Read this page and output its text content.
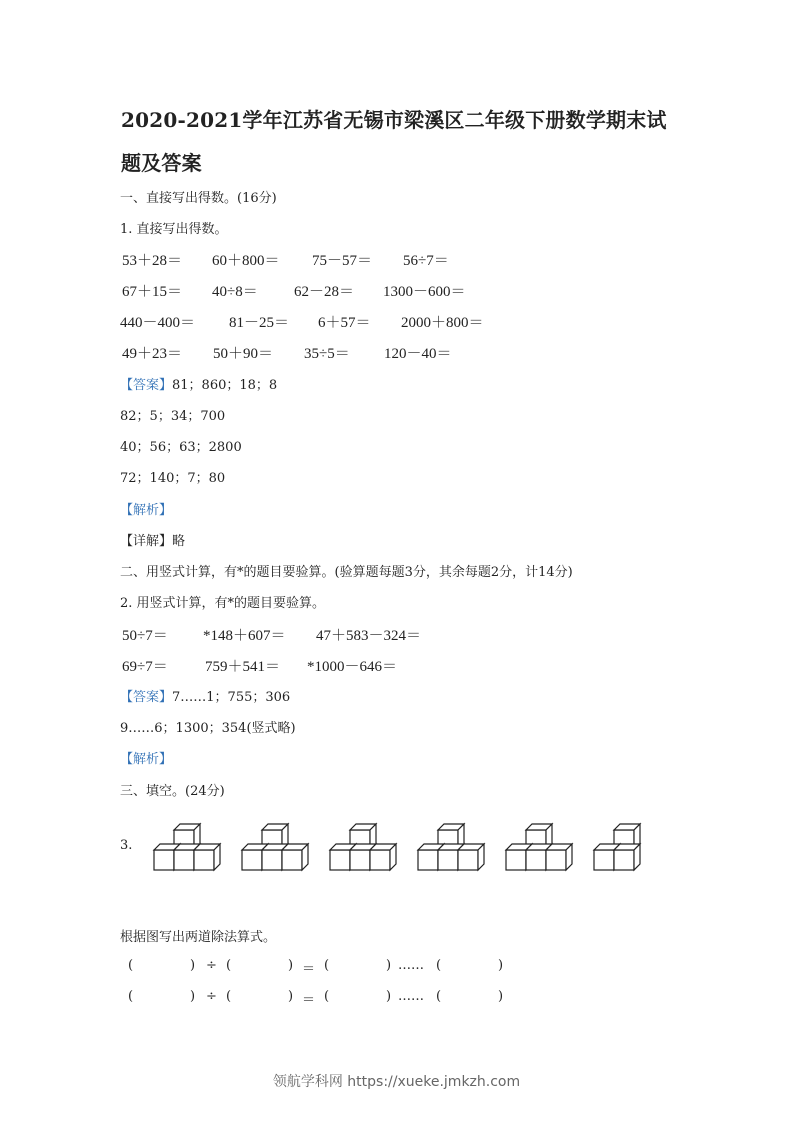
2020-2021学年江苏省无锡市梁溪区二年级下册数学期末试
题及答案
一、直接写出得数。(16分)
1. 直接写出得数。
53＋28＝ 60＋800＝ 75－57＝ 56÷7＝
67＋15＝ 40÷8＝ 62－28＝ 1300－600＝
440－400＝ 81－25＝ 6＋57＝ 2000＋800＝
49＋23＝ 50＋90＝ 35÷5＝ 120－40＝
【答案】81；860；18；8
82；5；34；700
40；56；63；2800
72；140；7；80
【解析】
【详解】略
二、用竖式计算，有*的题目要验算。(验算题每题3分，其余每题2分，计14分)
2. 用竖式计算，有*的题目要验算。
50÷7＝ *148＋607＝ 47＋583－324＝
69÷7＝ 759＋541＝ *1000－646＝
【答案】7……1；755；306
9……6；1300；354(竖式略)
【解析】
三、填空。(24分)
3.
根据图写出两道除法算式。
(	) ÷ (	) ＝ (	) …… (	)
(	) ÷ (	) ＝ (	) …… (	)
领航学科网 https://xueke.jmkzh.com
